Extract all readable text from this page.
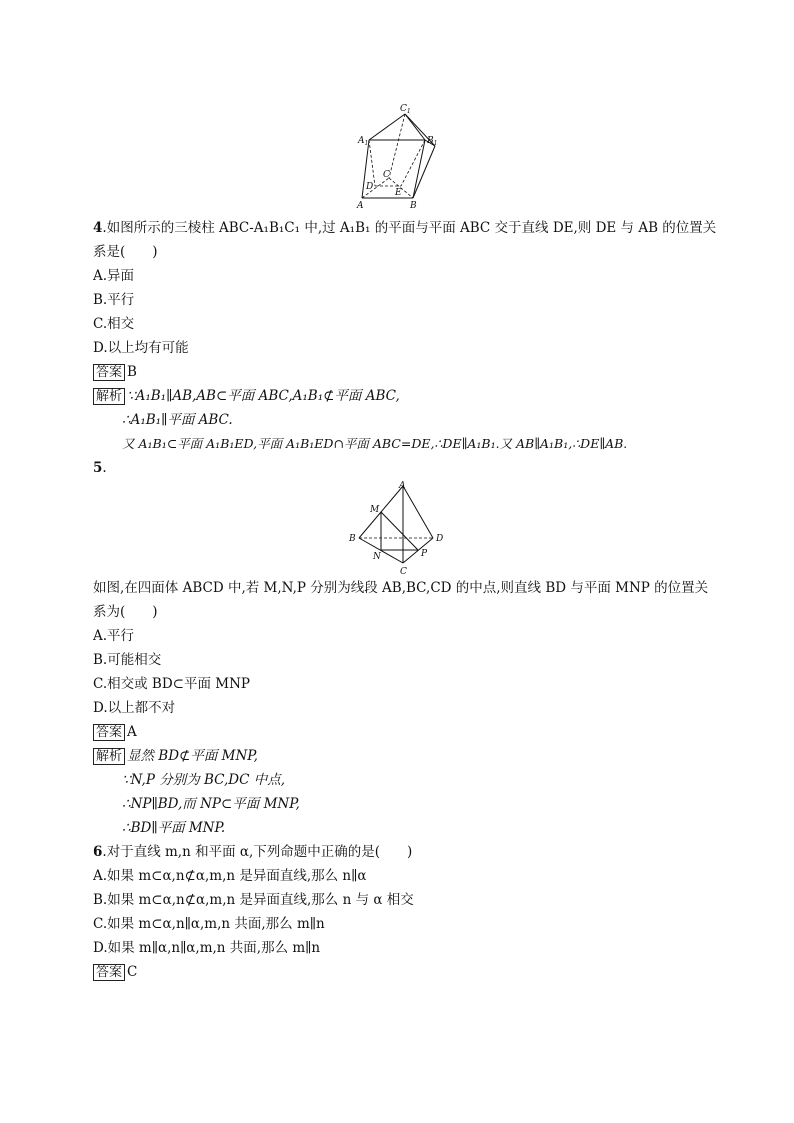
$C_1$
$A_1$	$B_1$
C
D
E
A	B
4.如图所示的三棱柱 ABC-A₁B₁C₁ 中,过 A₁B₁ 的平面与平面 ABC 交于直线 DE,则 DE 与 AB 的位置关
系是(　　)
A.异面
B.平行
C.相交
D.以上均有可能
答案 B
解析 ∵A₁B₁∥AB,AB⊂平面 ABC,A₁B₁⊄平面 ABC,
∴A₁B₁∥平面 ABC.
又 A₁B₁⊂平面 A₁B₁ED,平面 A₁B₁ED∩平面 ABC=DE,∴DE∥A₁B₁.又 AB∥A₁B₁,∴DE∥AB.
5.
A
M
B	D
N	P
C
如图,在四面体 ABCD 中,若 M,N,P 分别为线段 AB,BC,CD 的中点,则直线 BD 与平面 MNP 的位置关
系为(　　)
A.平行
B.可能相交
C.相交或 BD⊂平面 MNP
D.以上都不对
答案 A
解析 显然 BD⊄平面 MNP,
∵N,P 分别为 BC,DC 中点,
∴NP∥BD,而 NP⊂平面 MNP,
∴BD∥平面 MNP.
6.对于直线 m,n 和平面 α,下列命题中正确的是(　　)
A.如果 m⊂α,n⊄α,m,n 是异面直线,那么 n∥α
B.如果 m⊂α,n⊄α,m,n 是异面直线,那么 n 与 α 相交
C.如果 m⊂α,n∥α,m,n 共面,那么 m∥n
D.如果 m∥α,n∥α,m,n 共面,那么 m∥n
答案 C
